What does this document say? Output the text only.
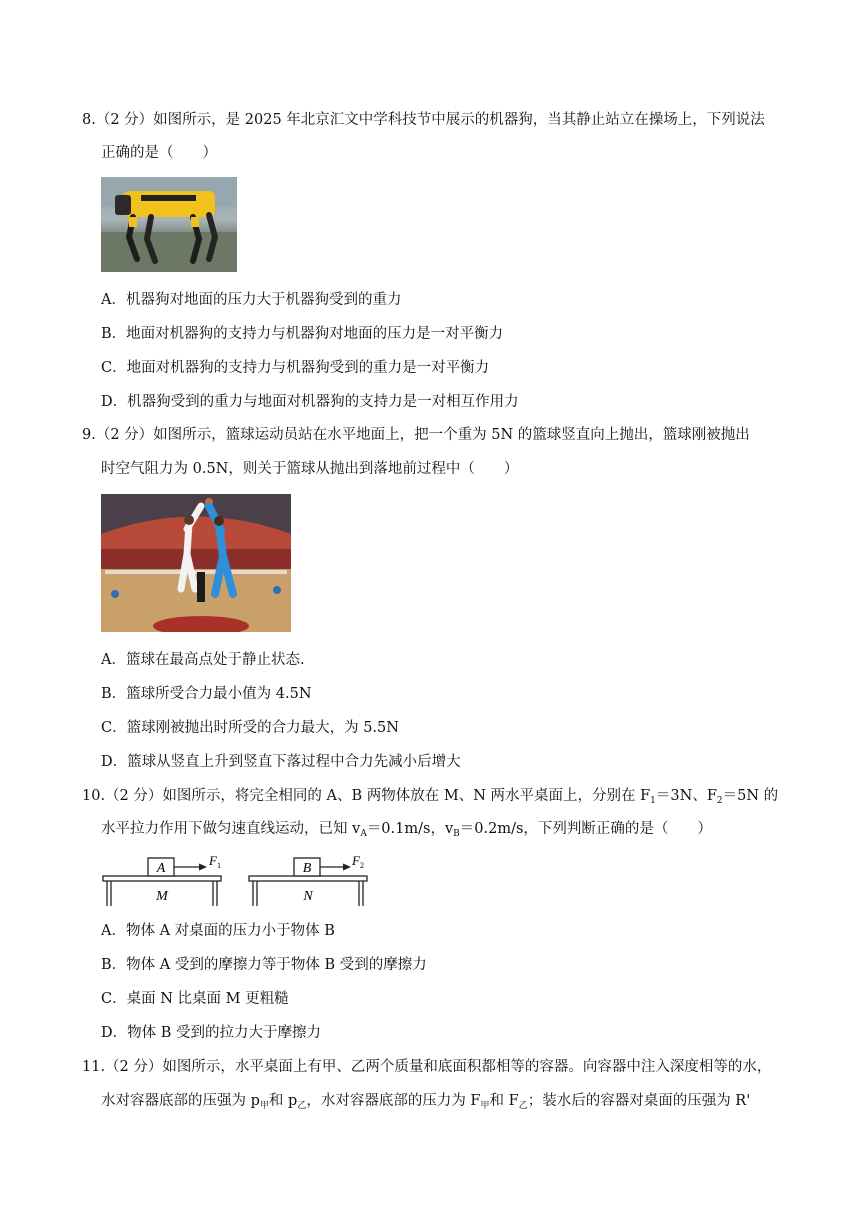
8.（2 分）如图所示，是 2025 年北京汇文中学科技节中展示的机器狗，当其静止站立在操场上，下列说法
正确的是（　　）
A．机器狗对地面的压力大于机器狗受到的重力
B．地面对机器狗的支持力与机器狗对地面的压力是一对平衡力
C．地面对机器狗的支持力与机器狗受到的重力是一对平衡力
D．机器狗受到的重力与地面对机器狗的支持力是一对相互作用力
9.（2 分）如图所示，篮球运动员站在水平地面上，把一个重为 5N 的篮球竖直向上抛出，篮球刚被抛出
时空气阻力为 0.5N，则关于篮球从抛出到落地前过程中（　　）
A．篮球在最高点处于静止状态.
B．篮球所受合力最小值为 4.5N
C．篮球刚被抛出时所受的合力最大，为 5.5N
D．篮球从竖直上升到竖直下落过程中合力先减小后增大
10.（2 分）如图所示，将完全相同的 A、B 两物体放在 M、N 两水平桌面上，分别在 $F_1=3N$、$F_2=5N$ 的
水平拉力作用下做匀速直线运动，已知 $v_A=0.1m/s$，$v_B=0.2m/s$，下列判断正确的是（　　）
A
$F_1$
M
B
$F_2$
N
A．物体 A 对桌面的压力小于物体 B
B．物体 A 受到的摩擦力等于物体 B 受到的摩擦力
C．桌面 N 比桌面 M 更粗糙
D．物体 B 受到的拉力大于摩擦力
11.（2 分）如图所示，水平桌面上有甲、乙两个质量和底面积都相等的容器。向容器中注入深度相等的水，
水对容器底部的压强为 $p_甲$和 $p_乙$，水对容器底部的压力为 $F_甲$和 $F_乙$；装水后的容器对桌面的压强为 R'
